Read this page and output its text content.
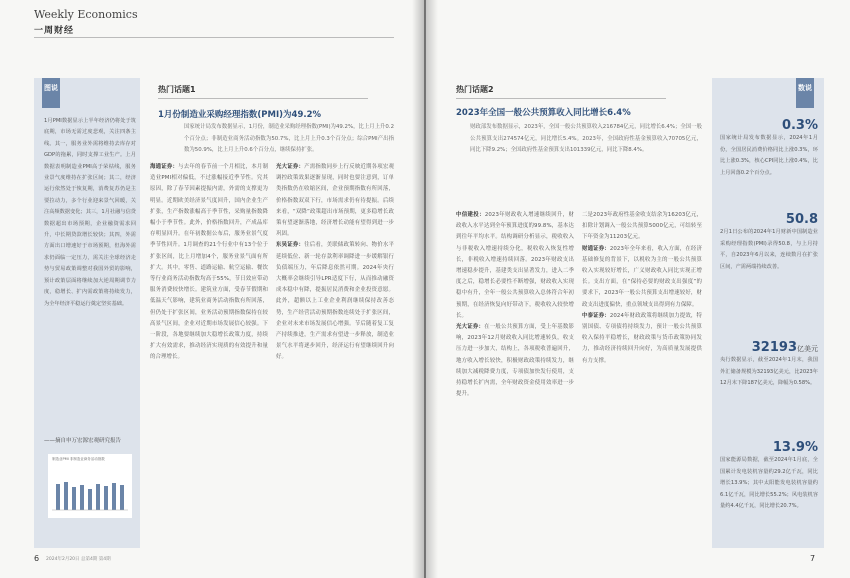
Weekly Economics
一周财经
图说
1月PMI数据显示上半年经济仍将处于筑底期，市场无需过度悲观，关注四条主线。其一，服务业外需将维持去库存对GDP的拖累，同时支撑工业生产。上月数据表明制造业PMI高于荣枯线，服务业景气度维持在扩张区间；其二，经济运行依然处于恢复期，消费复苏仍是主要拉动力，多个行业迎来景气回暖，关注高频数据变化；其三，1月社融与信贷数据超出市场预期，企业融资需求回升，中长期贷款增长较快；其四，外需方面出口增速好于市场预期，但海外需求仍面临一定压力，需关注全球经济走势与贸易政策调整对我国外贸的影响，预计政策层面将继续加大逆周期调节力度，稳增长、扩内需政策将持续发力，为全年经济平稳运行奠定坚实基础。
——摘自申万宏源宏观研究报告
制造业PMI 非制造业商务活动指数
热门话题1
1月份制造业采购经理指数(PMI)为49.2%
国家统计局发布数据显示，1月份，制造业采购经理指数(PMI)为49.2%，比上月上升0.2个百分点；非制造业商务活动指数为50.7%，比上月上升0.3个百分点；综合PMI产出指数为50.9%，比上月上升0.6个百分点，继续保持扩张。
海通证券：与去年的春节前一个月相比，本月制造业PMI相对偏低，不过涨幅接近季节性。究其原因，除了春节因素提振内需，外需的支撑更为明显。近期欧美经济景气度回升，国内企业生产扩张，生产指数涨幅高于季节性，采购量指数降幅小于季节性。此外，价格指数回升，产成品库存明显回升。在年初数据公布后，服务业景气度季节性回升。1月调查的21个行业中有13个位于扩张区间，比上月增加4个，服务业景气面有所扩大。其中，零售、道路运输、航空运输、餐饮等行业商务活动指数均高于55%，节日效应带动服务消费较快增长。建筑业方面，受春节假期和低温天气影响，建筑业商务活动指数有所回落，但仍处于扩张区间，业务活动预期指数保持在较高景气区间，企业对近期市场发展信心较强。下一阶段，各地要继续加大稳增长政策力度，持续扩大有效需求，推动经济实现质的有效提升和量的合理增长。
光大证券：产需指数同步上行反映近期各项宏观调控政策效果逐渐显现，同时也要注意到，订单类指数仍在收缩区间，企业预期指数有所回落，价格指数双双下行，市场需求仍有待提振。后续来看，“双降”政策超出市场预期，更多稳增长政策有望逐渐落地，经济增长动能有望得到进一步巩固。
东吴证券：往后看，美联储政策转向、物价水平延续低位、新一轮存款利率调降进一步缓解银行负债端压力，年后降息依然可期。2024年央行大概率会继续引导LPR适度下行，从而推动融资成本稳中有降，提振居民消费和企业投资意愿。此外，超额以上工业企业利润继续保持改善态势，生产经营活动预期指数连续处于扩张区间，企业对未来市场发展信心增强。节后随着复工复产持续推进，生产需求有望进一步释放，制造业景气水平将逐步回升，经济运行有望继续回升向好。
6 2024年2月20日 总第4期 第4期
热门话题2
2023年全国一般公共预算收入同比增长6.4%
财政部发布数据显示，2023年，全国一般公共预算收入216784亿元，同比增长6.4%；全国一般公共预算支出274574亿元，同比增长5.4%。2023年，全国政府性基金预算收入70705亿元，同比下降9.2%；全国政府性基金预算支出101339亿元，同比下降8.4%。
中信建投：2023年财政收入增速继续回升，财政收入水平达到全年预算进度的99.8%，基本达到往年平均水平。结构调研分析显示，税收收入与非税收入增速持续分化，税收收入恢复性增长，非税收入增速持续回落。2023年财政支出增速稳步提升，基建类支出显著发力，进入二季度之后，稳增长必要性不断增强，财政收入实现稳中有升，全年一般公共预算收入总体符合年初预期，在经济恢复向好带动下，税收收入较快增长。
光大证券：在一般公共预算方面，受上年基数影响，2023年12月财政收入同比增速转负，收支压力进一步加大，结构上，各项税收普遍回升，地方收入增长较快，积极财政政策持续发力，继续加大减税降费力度，专项债加快发行使用，支持稳增长扩内需，全年财政资金使用效率进一步提升。
二是2023年政府性基金收支结余为16203亿元，扣除计划调入一般公共预算5000亿元，可结转至下年资金为11203亿元。
财通证券：2023年全年来看，收入方面，在经济基础修复的背景下，以税收为主的一般公共预算收入实现较好增长，广义财政收入同比实现正增长。支出方面，在“保持必要的财政支出强度”的要求下，2023年一般公共预算支出增速较好，财政支出进度偏快，重点领域支出得到有力保障。
中泰证券：2024年财政政策将继续加力提效，特别国债、专项债将持续发力，预计一般公共预算收入保持平稳增长，财政政策与货币政策协同发力，推动经济持续回升向好，为高质量发展提供有力支撑。
数说
0.3%
国家统计局发布数据显示，2024年1月份，全国居民消费价格同比上涨0.3%，环比上涨0.3%，核心CPI同比上涨0.4%，比上月回落0.2个百分点。
50.8
2月1日公布的2024年1月财新中国制造业采购经理指数(PMI)录得50.8，与上月持平，自2023年6月以来，连续数月在扩张区间，产需两端持续改善。
32193亿美元
央行数据显示，截至2024年1月末，我国外汇储备规模为32193亿美元，比2023年12月末下降187亿美元，降幅为0.58%。
13.9%
国家能源局数据，截至2024年1月底，全国累计发电装机容量约29.2亿千瓦，同比增长13.9%；其中太阳能发电装机容量约6.1亿千瓦，同比增长55.2%；风电装机容量约4.4亿千瓦，同比增长20.7%。
7
